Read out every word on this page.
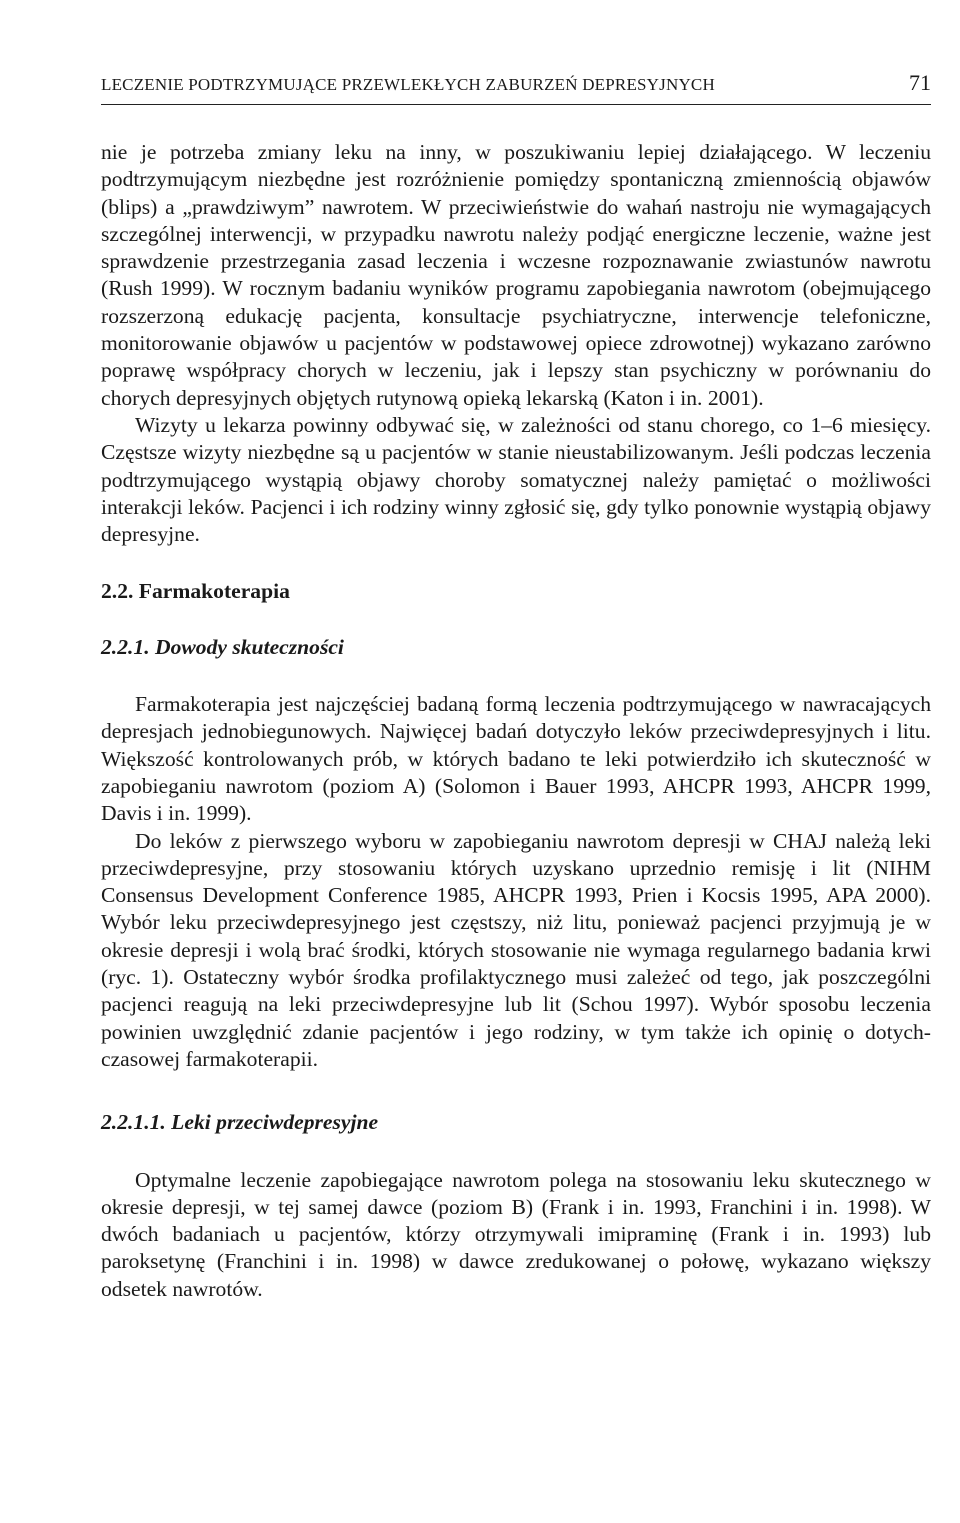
LECZENIE PODTRZYMUJĄCE PRZEWLEKŁYCH ZABURZEŃ DEPRESYJNYCH	71

nie je potrzeba zmiany leku na inny, w poszukiwaniu lepiej działającego. W leczeniu podtrzymującym niezbędne jest rozróżnienie pomiędzy spontaniczną zmiennością objawów (blips) a „prawdziwym” nawrotem. W przeciwieństwie do wahań nastroju nie wymagających szczególnej interwencji, w przypadku nawrotu należy podjąć energiczne leczenie, ważne jest sprawdzenie przestrzegania zasad leczenia i wczesne rozpoznawanie zwiastunów nawrotu (Rush 1999). W rocznym badaniu wyników programu zapobiegania nawrotom (obejmującego rozszerzoną edukację pacjenta, konsultacje psychiatryczne, interwencje telefoniczne, monitorowanie objawów u pacjentów w podstawowej opiece zdrowotnej) wykazano zarówno poprawę współpracy chorych w leczeniu, jak i lepszy stan psychiczny w porównaniu do chorych depresyjnych objętych rutynową opieką lekarską (Katon i in. 2001).

Wizyty u lekarza powinny odbywać się, w zależności od stanu chorego, co 1–6 miesięcy. Częstsze wizyty niezbędne są u pacjentów w stanie nieustabilizowanym. Jeśli podczas leczenia podtrzymującego wystąpią objawy choroby somatycznej należy pamiętać o możliwości interakcji leków. Pacjenci i ich rodziny winny zgłosić się, gdy tylko ponownie wystąpią objawy depresyjne.

2.2. Farmakoterapia
2.2.1. Dowody skuteczności

Farmakoterapia jest najczęściej badaną formą leczenia podtrzymującego w nawracających depresjach jednobiegunowych. Najwięcej badań dotyczyło leków przeciwdepresyjnych i litu. Większość kontrolowanych prób, w których badano te leki potwierdziło ich skuteczność w zapobieganiu nawrotom (poziom A) (Solomon i Bauer 1993, AHCPR 1993, AHCPR 1999, Davis i in. 1999).

Do leków z pierwszego wyboru w zapobieganiu nawrotom depresji w CHAJ należą leki przeciwdepresyjne, przy stosowaniu których uzyskano uprzednio remisję i lit (NIHM Consensus Development Conference 1985, AHCPR 1993, Prien i Kocsis 1995, APA 2000). Wybór leku przeciwdepresyjnego jest częstszy, niż litu, ponieważ pacjenci przyjmują je w okresie depresji i wolą brać środki, których stosowanie nie wymaga regularnego badania krwi (ryc. 1). Ostateczny wybór środka profilaktycznego musi zależeć od tego, jak poszczególni pacjenci reagują na leki przeciwdepresyjne lub lit (Schou 1997). Wybór sposobu leczenia powinien uwzględnić zdanie pacjentów i jego rodziny, w tym także ich opinię o dotychczasowej farmakoterapii.

2.2.1.1. Leki przeciwdepresyjne

Optymalne leczenie zapobiegające nawrotom polega na stosowaniu leku skutecznego w okresie depresji, w tej samej dawce (poziom B) (Frank i in. 1993, Franchini i in. 1998). W dwóch badaniach u pacjentów, którzy otrzymywali imipraminę (Frank i in. 1993) lub paroksetynę (Franchini i in. 1998) w dawce zredukowanej o połowę, wykazano większy odsetek nawrotów.
